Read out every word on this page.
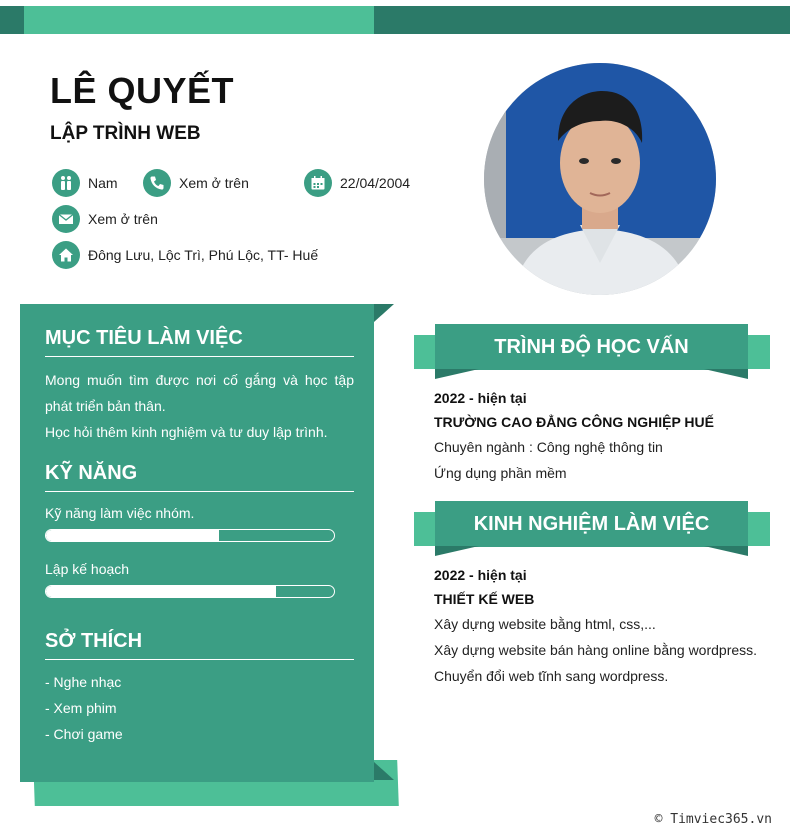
LÊ QUYẾT
LẬP TRÌNH WEB
Nam	Xem ở trên	22/04/2004
Xem ở trên
Đông Lưu, Lộc Trì, Phú Lộc, TT- Huế
MỤC TIÊU LÀM VIỆC
Mong muốn tìm được nơi cố gắng và học tập phát triển bản thân.
Học hỏi thêm kinh nghiệm và tư duy lập trình.
KỸ NĂNG
Kỹ năng làm việc nhóm.
Lập kế hoạch
SỞ THÍCH
- Nghe nhạc
- Xem phim
- Chơi game
TRÌNH ĐỘ HỌC VẤN
2022 - hiện tại
TRƯỜNG CAO ĐẲNG CÔNG NGHIỆP HUẾ
Chuyên ngành : Công nghệ thông tin
Ứng dụng phần mềm
KINH NGHIỆM LÀM VIỆC
2022 - hiện tại
THIẾT KẾ WEB
Xây dựng website bằng html, css,...
Xây dựng website bán hàng online bằng wordpress.
Chuyển đổi web tĩnh sang wordpress.
© Timviec365.vn
